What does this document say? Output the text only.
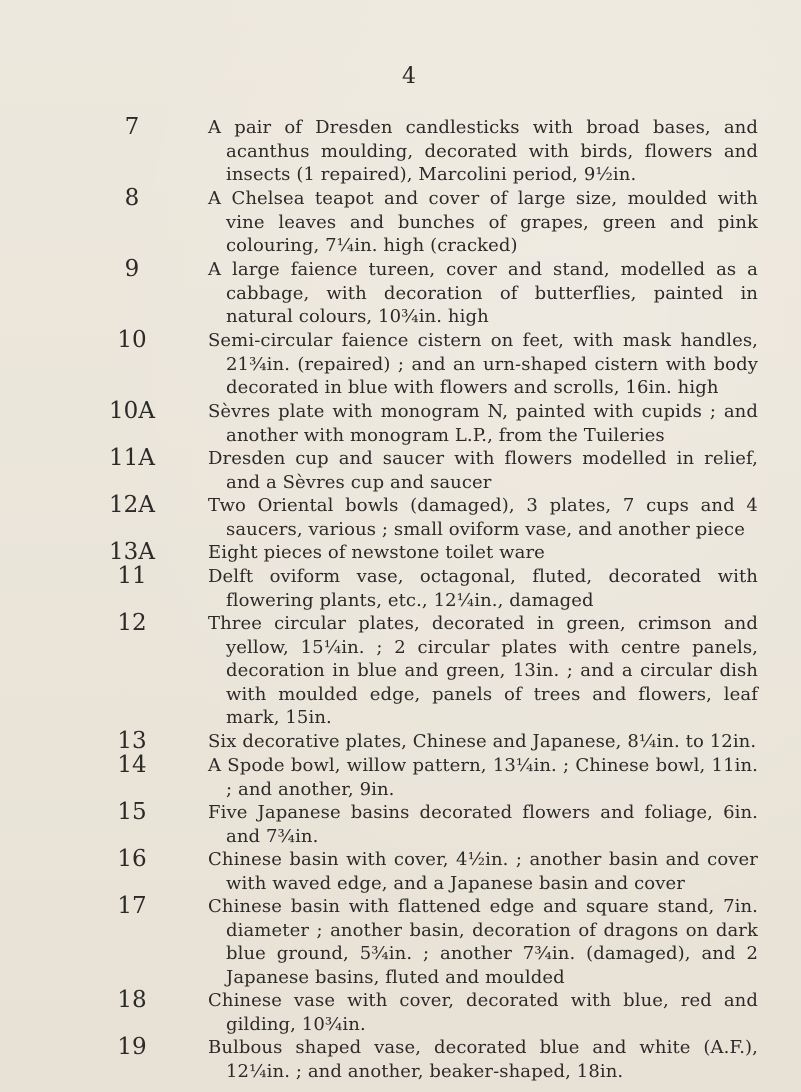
4
7	A pair of Dresden candlesticks with broad bases, and acanthus moulding, decorated with birds, flowers and insects (1 repaired), Marcolini period, 9½in.
8	A Chelsea teapot and cover of large size, moulded with vine leaves and bunches of grapes, green and pink colouring, 7¼in. high (cracked)
9	A large faience tureen, cover and stand, modelled as a cabbage, with decoration of butterflies, painted in natural colours, 10¾in. high
10	Semi-circular faience cistern on feet, with mask handles, 21¾in. (repaired) ; and an urn-shaped cistern with body decorated in blue with flowers and scrolls, 16in. high
10A	Sèvres plate with monogram N, painted with cupids ; and another with monogram L.P., from the Tuileries
11A	Dresden cup and saucer with flowers modelled in relief, and a Sèvres cup and saucer
12A	Two Oriental bowls (damaged), 3 plates, 7 cups and 4 saucers, various ; small oviform vase, and another piece
13A	Eight pieces of newstone toilet ware
11	Delft oviform vase, octagonal, fluted, decorated with flowering plants, etc., 12¼in., damaged
12	Three circular plates, decorated in green, crimson and yellow, 15¼in. ; 2 circular plates with centre panels, decoration in blue and green, 13in. ; and a circular dish with moulded edge, panels of trees and flowers, leaf mark, 15in.
13	Six decorative plates, Chinese and Japanese, 8¼in. to 12in.
14	A Spode bowl, willow pattern, 13¼in. ; Chinese bowl, 11in. ; and another, 9in.
15	Five Japanese basins decorated flowers and foliage, 6in. and 7¾in.
16	Chinese basin with cover, 4½in. ; another basin and cover with waved edge, and a Japanese basin and cover
17	Chinese basin with flattened edge and square stand, 7in. diameter ; another basin, decoration of dragons on dark blue ground, 5¾in. ; another 7¾in. (damaged), and 2 Japanese basins, fluted and moulded
18	Chinese vase with cover, decorated with blue, red and gilding, 10¾in.
19	Bulbous shaped vase, decorated blue and white (A.F.), 12¼in. ; and another, beaker-shaped, 18in.
